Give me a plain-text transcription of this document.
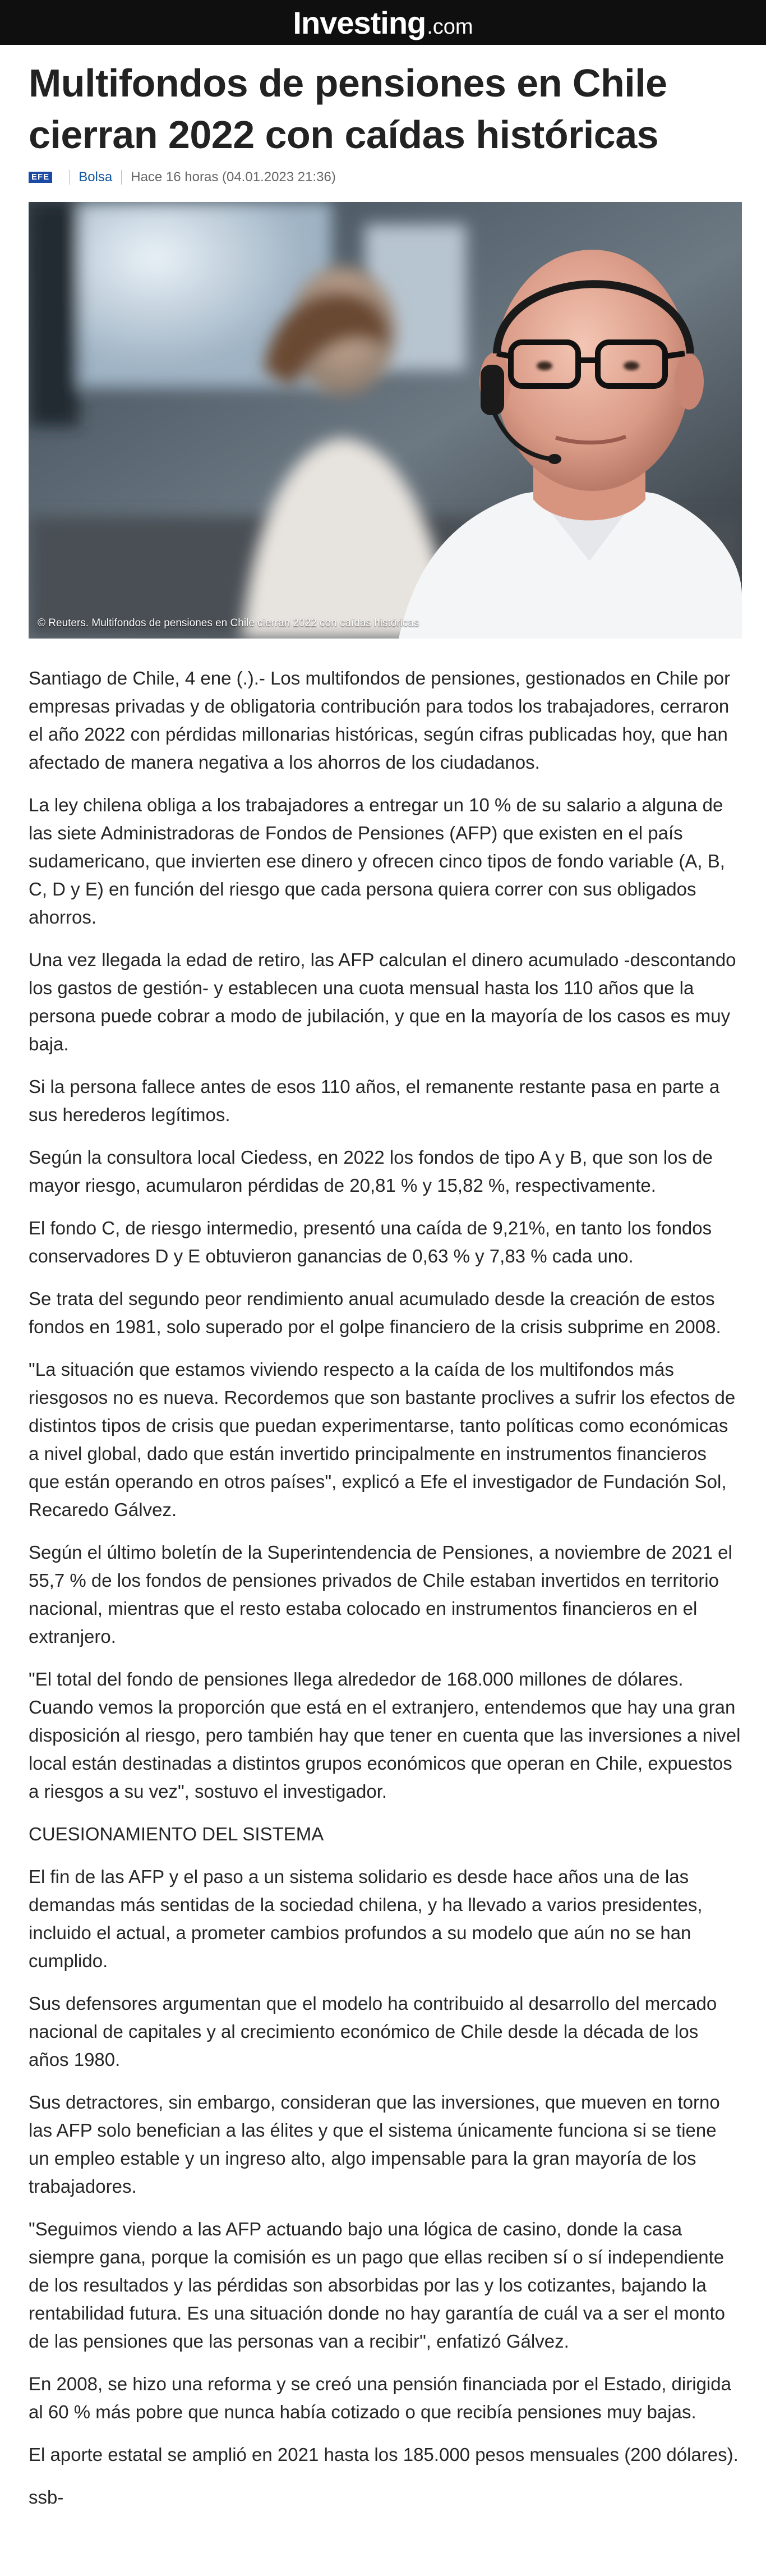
Investing .com
Multifondos de pensiones en Chile cierran 2022 con caídas históricas
EFE Bolsa Hace 16 horas (04.01.2023 21:36)
© Reuters. Multifondos de pensiones en Chile cierran 2022 con caídas históricas

Santiago de Chile, 4 ene (.).- Los multifondos de pensiones, gestionados en Chile por empresas privadas y de obligatoria contribución para todos los trabajadores, cerraron el año 2022 con pérdidas millonarias históricas, según cifras publicadas hoy, que han afectado de manera negativa a los ahorros de los ciudadanos.

La ley chilena obliga a los trabajadores a entregar un 10 % de su salario a alguna de las siete Administradoras de Fondos de Pensiones (AFP) que existen en el país sudamericano, que invierten ese dinero y ofrecen cinco tipos de fondo variable (A, B, C, D y E) en función del riesgo que cada persona quiera correr con sus obligados ahorros.

Una vez llegada la edad de retiro, las AFP calculan el dinero acumulado -descontando los gastos de gestión- y establecen una cuota mensual hasta los 110 años que la persona puede cobrar a modo de jubilación, y que en la mayoría de los casos es muy baja.

Si la persona fallece antes de esos 110 años, el remanente restante pasa en parte a sus herederos legítimos.

Según la consultora local Ciedess, en 2022 los fondos de tipo A y B, que son los de mayor riesgo, acumularon pérdidas de 20,81 % y 15,82 %, respectivamente.

El fondo C, de riesgo intermedio, presentó una caída de 9,21%, en tanto los fondos conservadores D y E obtuvieron ganancias de 0,63 % y 7,83 % cada uno.

Se trata del segundo peor rendimiento anual acumulado desde la creación de estos fondos en 1981, solo superado por el golpe financiero de la crisis subprime en 2008.

"La situación que estamos viviendo respecto a la caída de los multifondos más riesgosos no es nueva. Recordemos que son bastante proclives a sufrir los efectos de distintos tipos de crisis que puedan experimentarse, tanto políticas como económicas a nivel global, dado que están invertido principalmente en instrumentos financieros que están operando en otros países", explicó a Efe el investigador de Fundación Sol, Recaredo Gálvez.

Según el último boletín de la Superintendencia de Pensiones, a noviembre de 2021 el 55,7 % de los fondos de pensiones privados de Chile estaban invertidos en territorio nacional, mientras que el resto estaba colocado en instrumentos financieros en el extranjero.

"El total del fondo de pensiones llega alrededor de 168.000 millones de dólares. Cuando vemos la proporción que está en el extranjero, entendemos que hay una gran disposición al riesgo, pero también hay que tener en cuenta que las inversiones a nivel local están destinadas a distintos grupos económicos que operan en Chile, expuestos a riesgos a su vez", sostuvo el investigador.

CUESIONAMIENTO DEL SISTEMA

El fin de las AFP y el paso a un sistema solidario es desde hace años una de las demandas más sentidas de la sociedad chilena, y ha llevado a varios presidentes, incluido el actual, a prometer cambios profundos a su modelo que aún no se han cumplido.

Sus defensores argumentan que el modelo ha contribuido al desarrollo del mercado nacional de capitales y al crecimiento económico de Chile desde la década de los años 1980.

Sus detractores, sin embargo, consideran que las inversiones, que mueven en torno las AFP solo benefician a las élites y que el sistema únicamente funciona si se tiene un empleo estable y un ingreso alto, algo impensable para la gran mayoría de los trabajadores.

"Seguimos viendo a las AFP actuando bajo una lógica de casino, donde la casa siempre gana, porque la comisión es un pago que ellas reciben sí o sí independiente de los resultados y las pérdidas son absorbidas por las y los cotizantes, bajando la rentabilidad futura. Es una situación donde no hay garantía de cuál va a ser el monto de las pensiones que las personas van a recibir", enfatizó Gálvez.

En 2008, se hizo una reforma y se creó una pensión financiada por el Estado, dirigida al 60 % más pobre que nunca había cotizado o que recibía pensiones muy bajas.

El aporte estatal se amplió en 2021 hasta los 185.000 pesos mensuales (200 dólares).

ssb-
